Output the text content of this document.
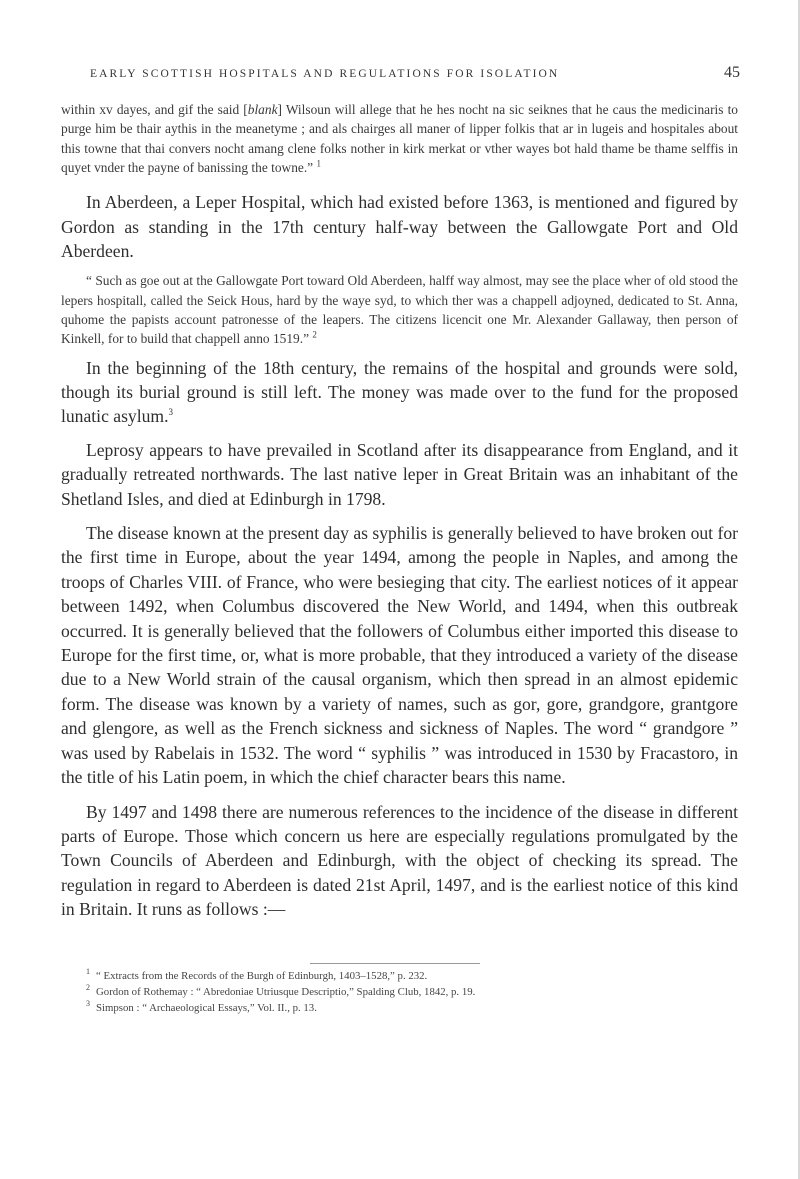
EARLY SCOTTISH HOSPITALS AND REGULATIONS FOR ISOLATION	45

within xv dayes, and gif the said [blank] Wilsoun will allege that he hes nocht na sic seiknes that he caus the medicinaris to purge him be thair aythis in the meanetyme ; and als chairges all maner of lipper folkis that ar in lugeis and hospitales about this towne that thai convers nocht amang clene folks nother in kirk merkat or vther wayes bot hald thame be thame selffis in quyet vnder the payne of banissing the towne.” $^1$

In Aberdeen, a Leper Hospital, which had existed before 1363, is mentioned and figured by Gordon as standing in the 17th century half-way between the Gallowgate Port and Old Aberdeen.

“ Such as goe out at the Gallowgate Port toward Old Aberdeen, halff way almost, may see the place wher of old stood the lepers hospitall, called the Seick Hous, hard by the waye syd, to which ther was a chappell adjoyned, dedicated to St. Anna, quhome the papists account patronesse of the leapers. The citizens licencit one Mr. Alexander Gallaway, then person of Kinkell, for to build that chappell anno 1519.” $^2$

In the beginning of the 18th century, the remains of the hospital and grounds were sold, though its burial ground is still left. The money was made over to the fund for the proposed lunatic asylum.$^3$

Leprosy appears to have prevailed in Scotland after its disappearance from England, and it gradually retreated northwards. The last native leper in Great Britain was an inhabitant of the Shetland Isles, and died at Edinburgh in 1798.

The disease known at the present day as syphilis is generally believed to have broken out for the first time in Europe, about the year 1494, among the people in Naples, and among the troops of Charles VIII. of France, who were besieging that city. The earliest notices of it appear between 1492, when Columbus discovered the New World, and 1494, when this outbreak occurred. It is generally believed that the followers of Columbus either imported this disease to Europe for the first time, or, what is more probable, that they introduced a variety of the disease due to a New World strain of the causal organism, which then spread in an almost epidemic form. The disease was known by a variety of names, such as gor, gore, grandgore, grantgore and glengore, as well as the French sickness and sickness of Naples. The word “ grandgore ” was used by Rabelais in 1532. The word “ syphilis ” was introduced in 1530 by Fracastoro, in the title of his Latin poem, in which the chief character bears this name.

By 1497 and 1498 there are numerous references to the incidence of the disease in different parts of Europe. Those which concern us here are especially regulations promulgated by the Town Councils of Aberdeen and Edinburgh, with the object of checking its spread. The regulation in regard to Aberdeen is dated 21st April, 1497, and is the earliest notice of this kind in Britain. It runs as follows :—

$^1$ “ Extracts from the Records of the Burgh of Edinburgh, 1403–1528,” p. 232.
$^2$ Gordon of Rothemay : “ Abredoniae Utriusque Descriptio,” Spalding Club, 1842, p. 19.
$^3$ Simpson : “ Archaeological Essays,” Vol. II., p. 13.
